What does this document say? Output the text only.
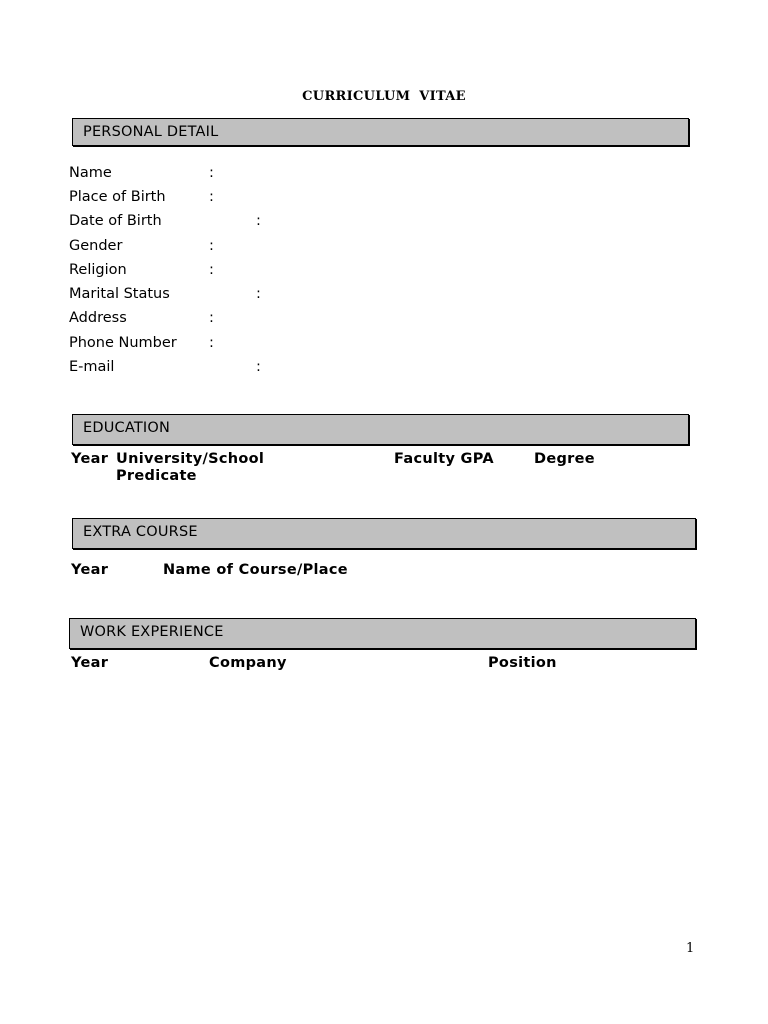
CURRICULUM VITAE
PERSONAL DETAIL
Name	:
Place of Birth	:
Date of Birth	:
Gender	:
Religion	:
Marital Status	:
Address	:
Phone Number :
E-mail	:
EDUCATION
Year University/School	Faculty GPA	Degree
Predicate
EXTRA COURSE
Year	Name of Course/Place
WORK EXPERIENCE
Year	Company	Position
1
